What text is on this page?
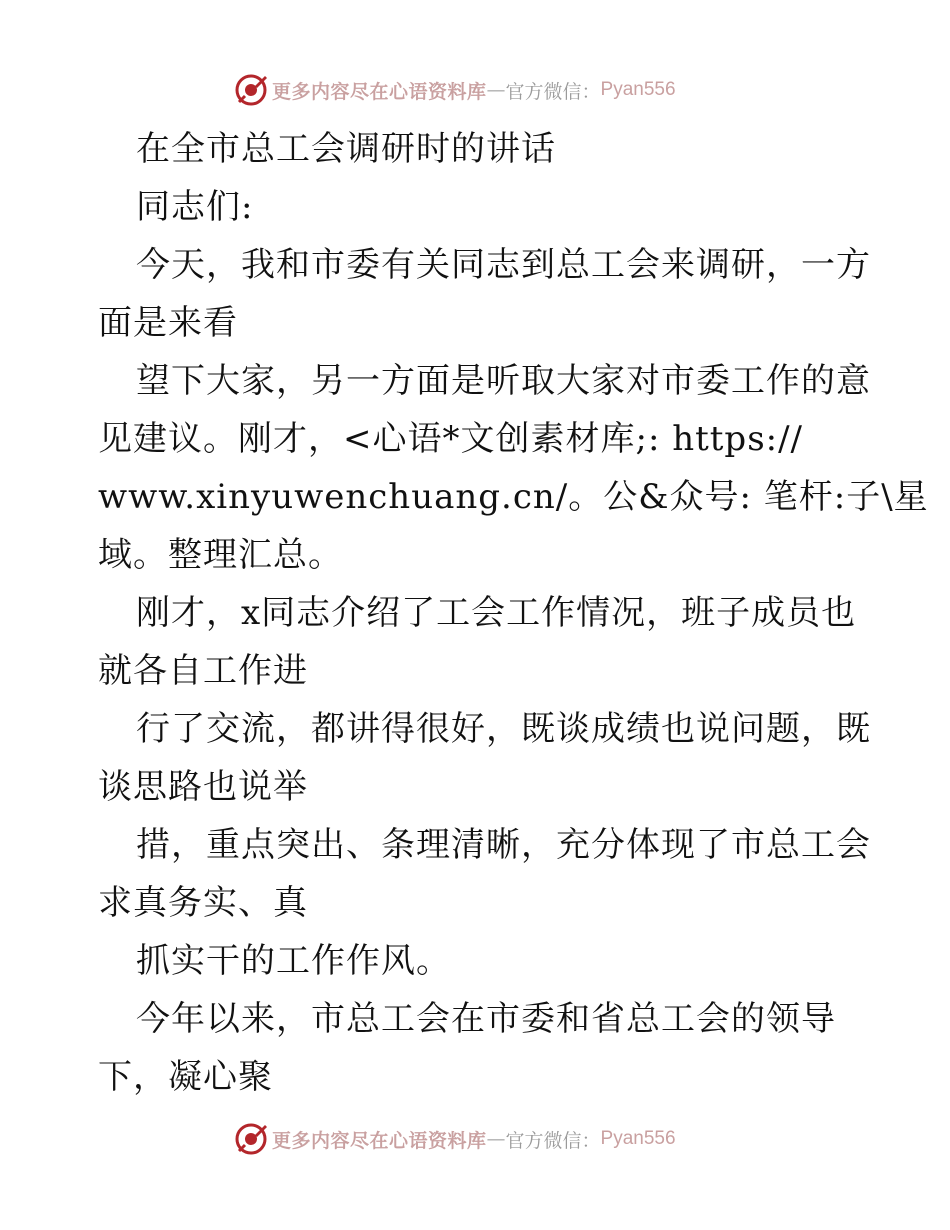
更多内容尽在心语资料库 — 官方微信： Pyan556
在全市总工会调研时的讲话
同志们:
今天，我和市委有关同志到总工会来调研，一方
面是来看
望下大家，另一方面是听取大家对市委工作的意
见建议。刚才，<心语*文创素材库;: https://
www.xinyuwenchuang.cn/。公&众号: 笔杆:子\星
域。整理汇总。
刚才，x同志介绍了工会工作情况，班子成员也
就各自工作进
行了交流，都讲得很好，既谈成绩也说问题，既
谈思路也说举
措，重点突出、条理清晰，充分体现了市总工会
求真务实、真
抓实干的工作作风。
今年以来，市总工会在市委和省总工会的领导
下，凝心聚
更多内容尽在心语资料库 — 官方微信： Pyan556
